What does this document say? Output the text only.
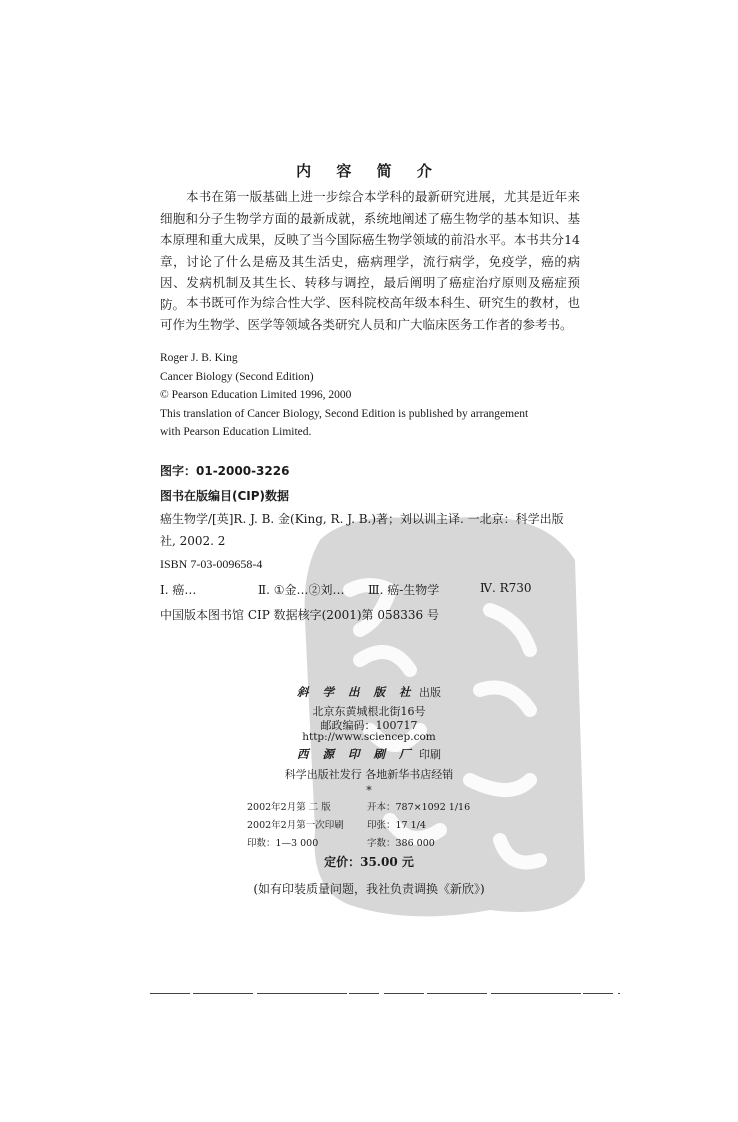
内 容 简 介
本书在第一版基础上进一步综合本学科的最新研究进展，尤其是近年来细胞和分子生物学方面的最新成就，系统地阐述了癌生物学的基本知识、基本原理和重大成果，反映了当今国际癌生物学领域的前沿水平。本书共分14章，讨论了什么是癌及其生活史，癌病理学，流行病学，免疫学，癌的病因、发病机制及其生长、转移与调控，最后阐明了癌症治疗原则及癌症预防。 本书既可作为综合性大学、医科院校高年级本科生、研究生的教材，也可作为生物学、医学等领域各类研究人员和广大临床医务工作者的参考书。
Roger J. B. King
Cancer Biology (Second Edition)
© Pearson Education Limited 1996, 2000
This translation of Cancer Biology, Second Edition is published by arrangement
with Pearson Education Limited.
图字：01-2000-3226
图书在版编目(CIP)数据
癌生物学/[英]R. J. B. 金(King, R. J. B.)著；刘以训主译. 一北京：科学出版
社, 2002. 2
ISBN 7-03-009658-4
Ⅰ. 癌…	Ⅱ. ①金…②刘… Ⅲ. 癌-生物学	Ⅳ. R730
中国版本图书馆 CIP 数据核字(2001)第 058336 号
斜 学 出 版 社 出版
北京东黄城根北街16号
邮政编码：100717
http://www.sciencep.com
西 源 印 刷 厂 印刷
科学出版社发行 各地新华书店经销
*
2002年2月第 二 版	开本：787×1092 1/16
2002年2月第一次印刷 印张：17 1/4
印数：1—3 000	字数：386 000
定价：35.00 元
(如有印装质量问题，我社负责调换《新欣》)
